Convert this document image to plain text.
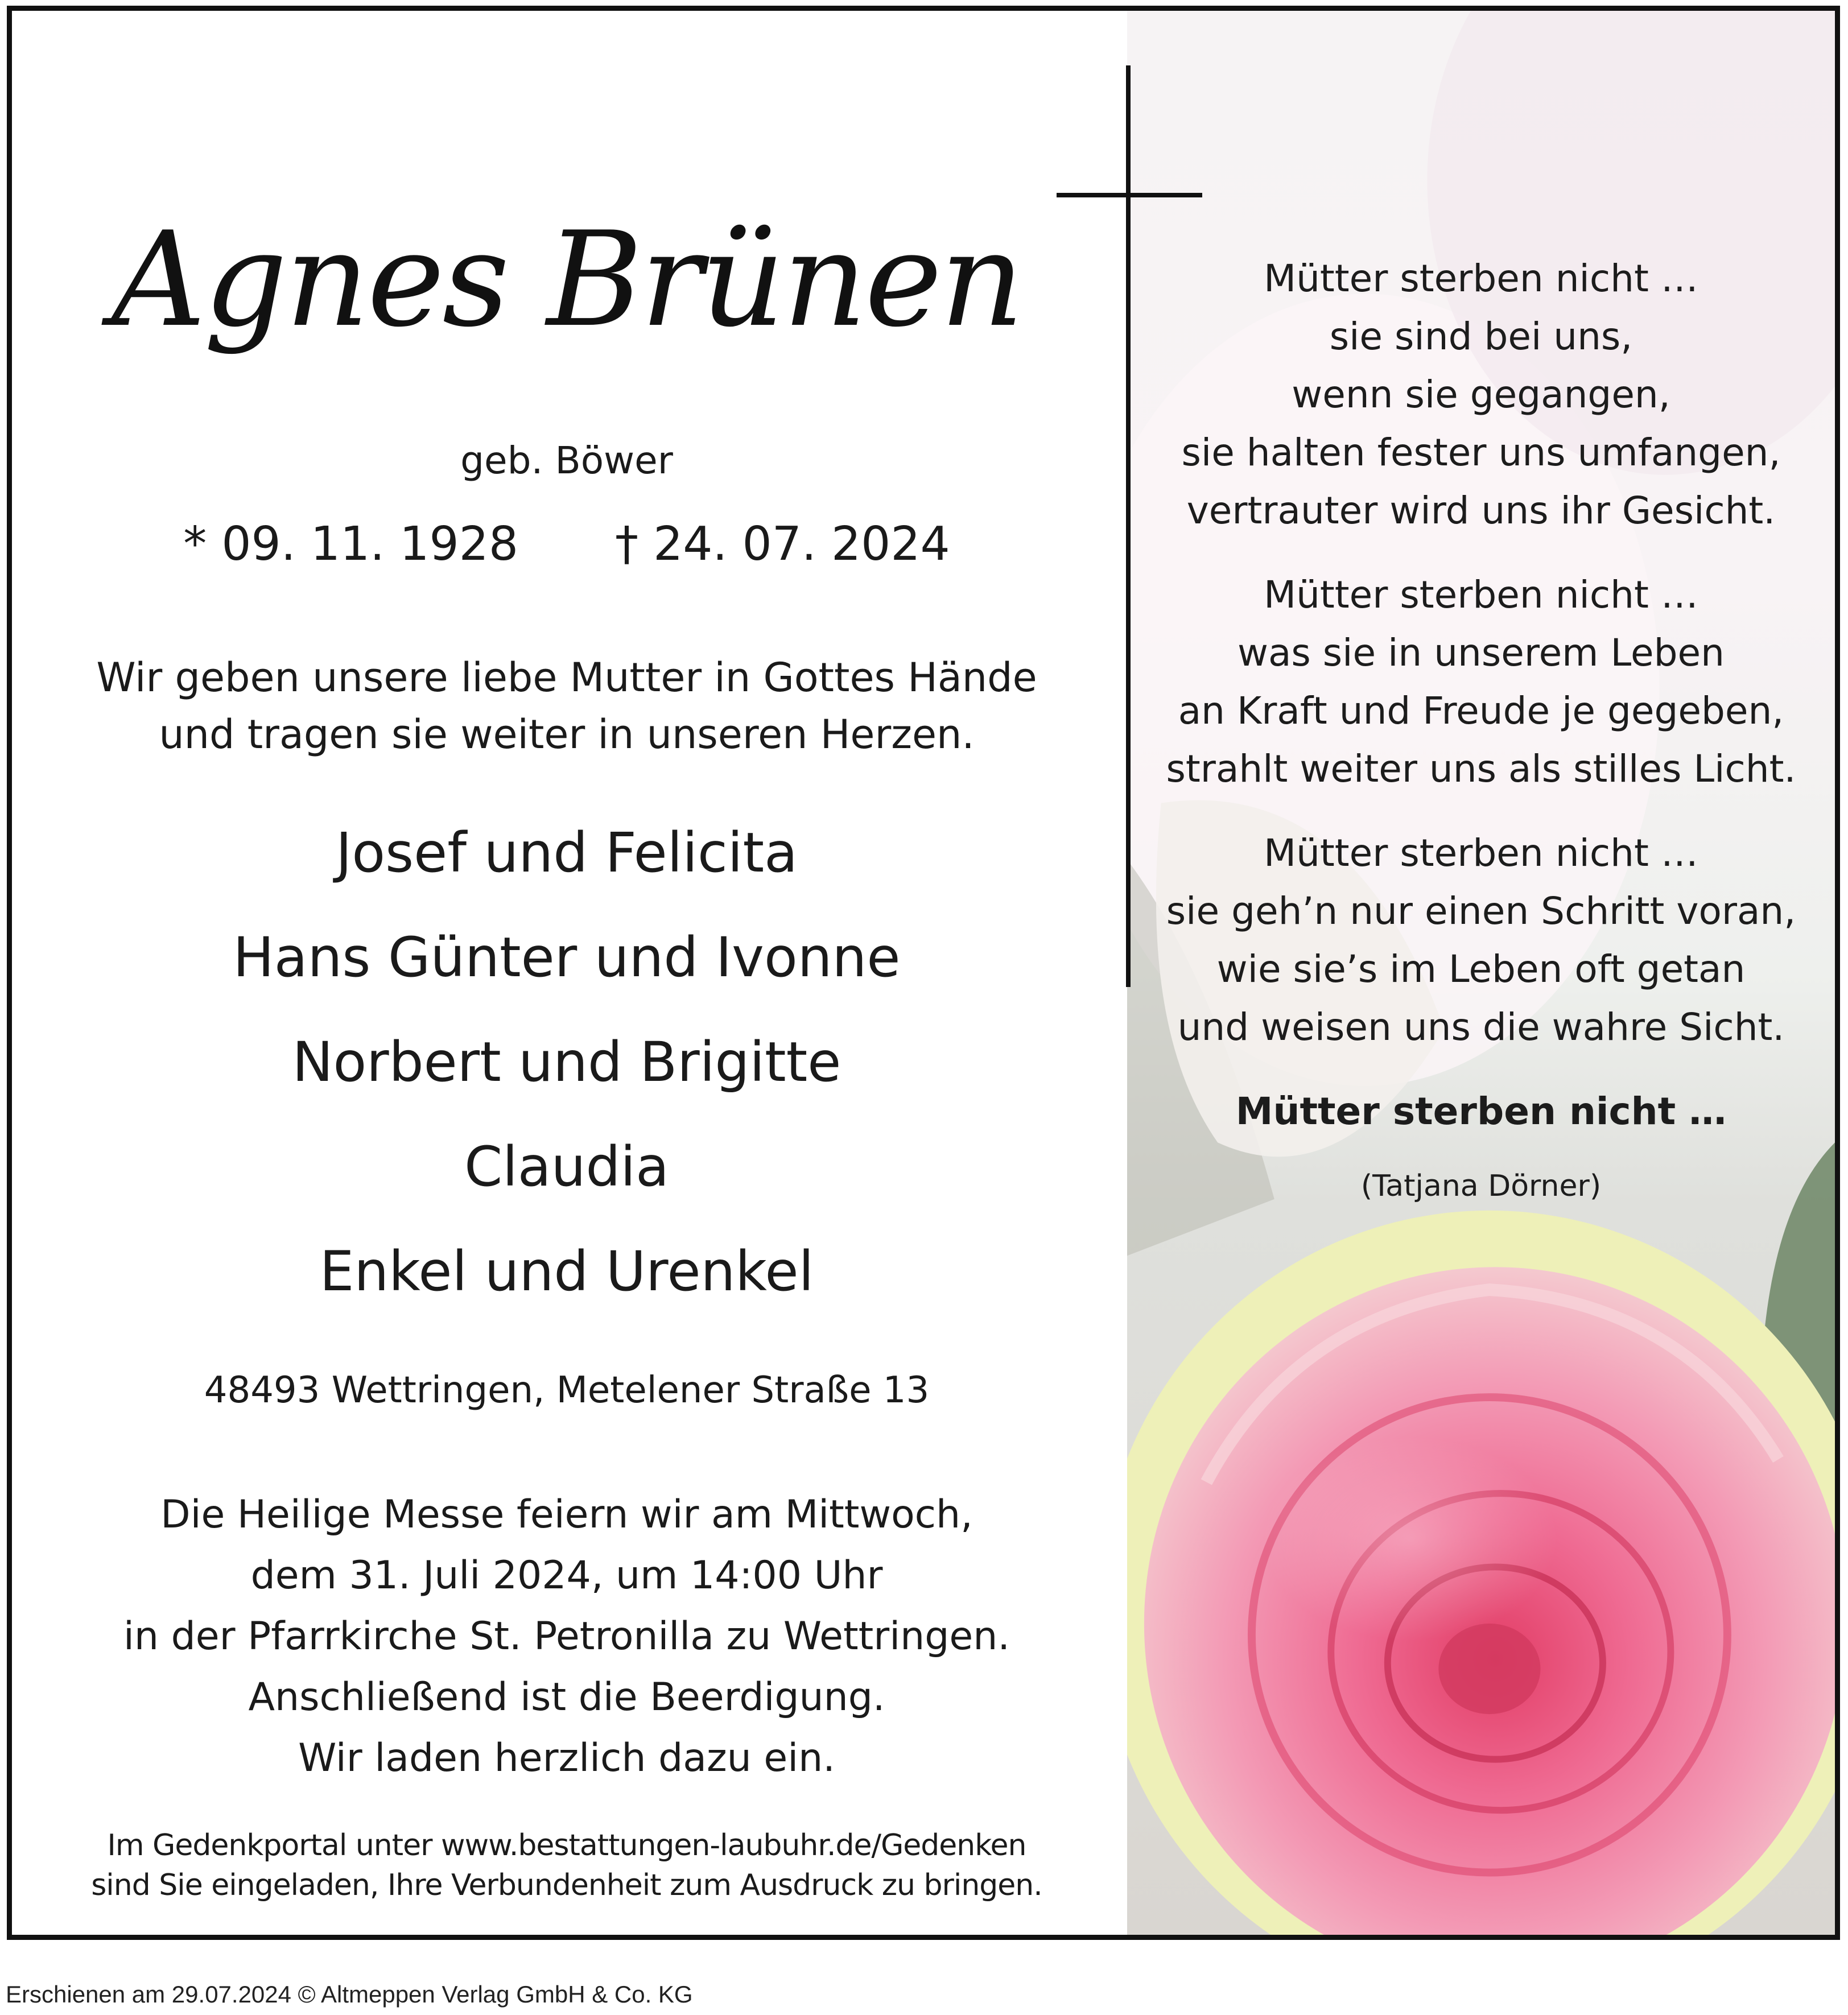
Agnes Brünen
geb. Böwer
* 09. 11. 1928 † 24. 07. 2024
Wir geben unsere liebe Mutter in Gottes Hände
und tragen sie weiter in unseren Herzen.
Josef und Felicita
Hans Günter und Ivonne
Norbert und Brigitte
Claudia
Enkel und Urenkel
48493 Wettringen, Metelener Straße 13
Die Heilige Messe feiern wir am Mittwoch,
dem 31. Juli 2024, um 14:00 Uhr
in der Pfarrkirche St. Petronilla zu Wettringen.
Anschließend ist die Beerdigung.
Wir laden herzlich dazu ein.
Im Gedenkportal unter www.bestattungen-laubuhr.de/Gedenken
sind Sie eingeladen, Ihre Verbundenheit zum Ausdruck zu bringen.
Mütter sterben nicht …
sie sind bei uns,
wenn sie gegangen,
sie halten fester uns umfangen,
vertrauter wird uns ihr Gesicht.
Mütter sterben nicht …
was sie in unserem Leben
an Kraft und Freude je gegeben,
strahlt weiter uns als stilles Licht.
Mütter sterben nicht …
sie geh’n nur einen Schritt voran,
wie sie’s im Leben oft getan
und weisen uns die wahre Sicht.
Mütter sterben nicht …
(Tatjana Dörner)
Erschienen am 29.07.2024 © Altmeppen Verlag GmbH & Co. KG
